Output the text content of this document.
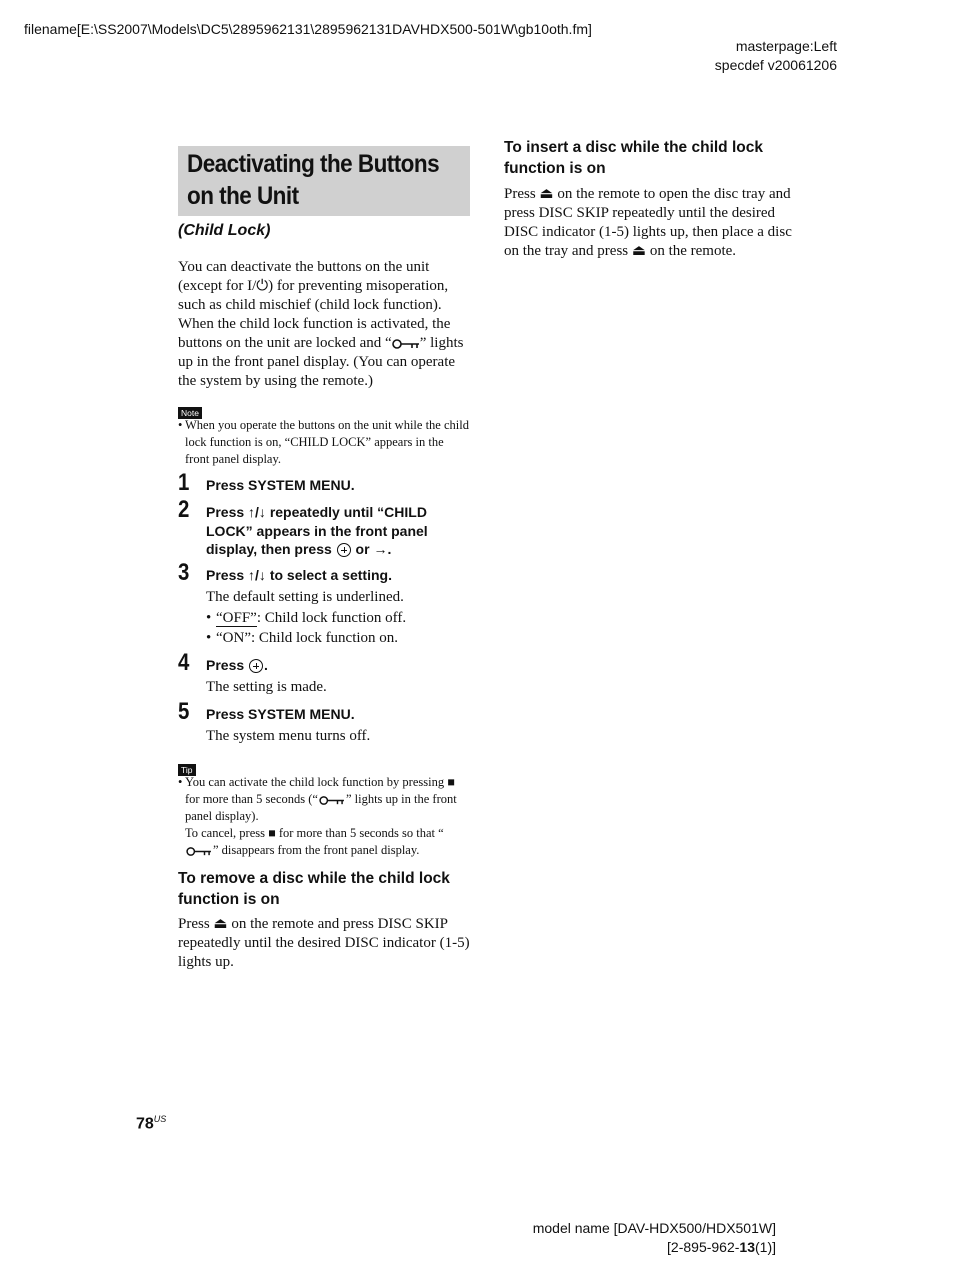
filename[E:\SS2007\Models\DC5\2895962131\2895962131DAVHDX500-501W\gb10oth.fm]
masterpage:Left
specdef v20061206
Deactivating the Buttons
on the Unit
(Child Lock)
You can deactivate the buttons on the unit (except for I/⏻) for preventing misoperation, such as child mischief (child lock function). When the child lock function is activated, the buttons on the unit are locked and “ ” lights up in the front panel display. (You can operate the system by using the remote.)
Note
• When you operate the buttons on the unit while the child lock function is on, “CHILD LOCK” appears in the front panel display.
1 Press SYSTEM MENU.
2 Press ↑/↓ repeatedly until “CHILD LOCK” appears in the front panel display, then press  or →.
3 Press ↑/↓ to select a setting.
The default setting is underlined.
• “OFF”: Child lock function off.
• “ON”: Child lock function on.
4 Press .
The setting is made.
5 Press SYSTEM MENU.
The system menu turns off.
Tip
• You can activate the child lock function by pressing ■ for more than 5 seconds (“ ” lights up in the front panel display).
To cancel, press ■ for more than 5 seconds so that “” disappears from the front panel display.
To remove a disc while the child lock function is on
Press ⏏ on the remote and press DISC SKIP repeatedly until the desired DISC indicator (1-5) lights up.
To insert a disc while the child lock function is on
Press ⏏ on the remote to open the disc tray and press DISC SKIP repeatedly until the desired DISC indicator (1-5) lights up, then place a disc on the tray and press ⏏ on the remote.
$78^{US}$
model name [DAV-HDX500/HDX501W]
[2-895-962-13(1)]
